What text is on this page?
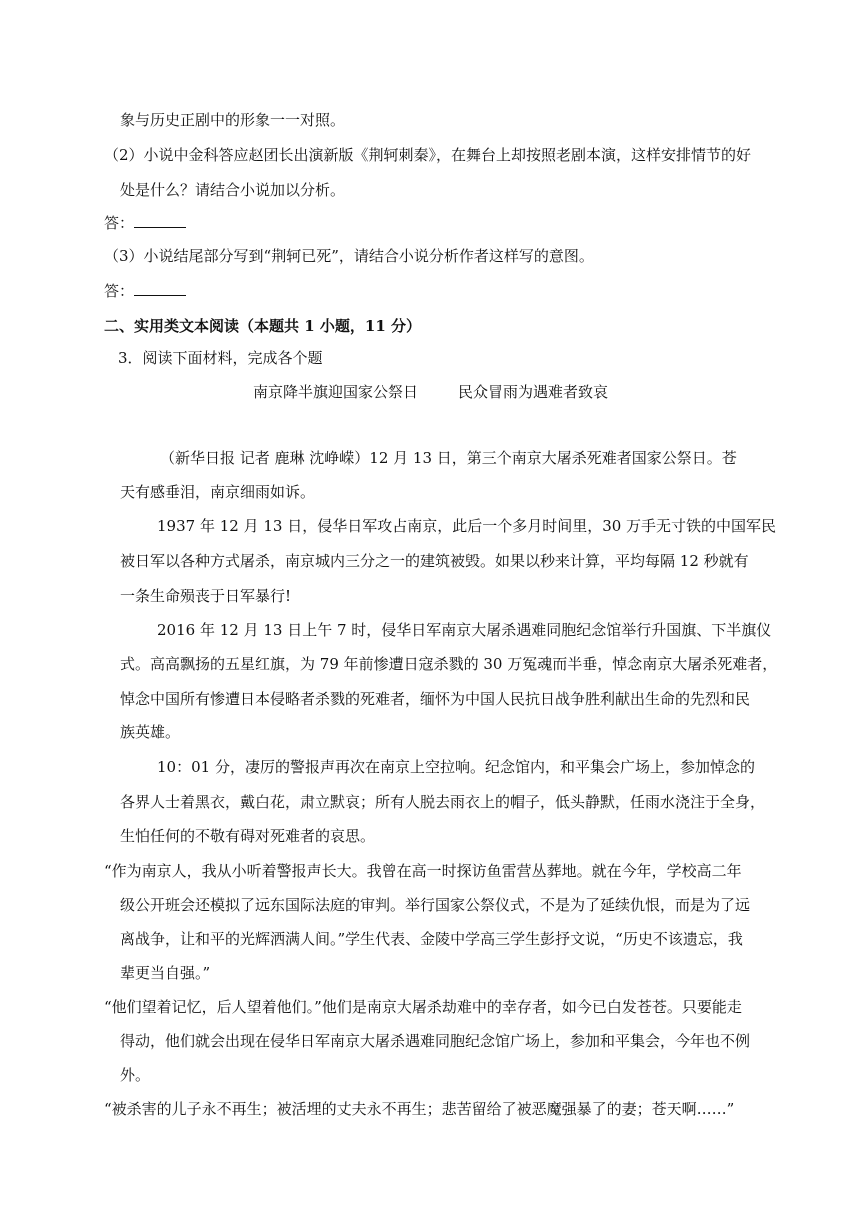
象与历史正剧中的形象一一对照。
（2）小说中金科答应赵团长出演新版《荆轲刺秦》，在舞台上却按照老剧本演，这样安排情节的好
处是什么？请结合小说加以分析。
答：
（3）小说结尾部分写到“荆轲已死”，请结合小说分析作者这样写的意图。
答：
二、实用类文本阅读（本题共 1 小题，11 分）
3．阅读下面材料，完成各个题
南京降半旗迎国家公祭日	民众冒雨为遇难者致哀
（新华日报 记者 鹿琳 沈峥嵘）12 月 13 日，第三个南京大屠杀死难者国家公祭日。苍
天有感垂泪，南京细雨如诉。
1937 年 12 月 13 日，侵华日军攻占南京，此后一个多月时间里，30 万手无寸铁的中国军民
被日军以各种方式屠杀，南京城内三分之一的建筑被毁。如果以秒来计算，平均每隔 12 秒就有
一条生命殒丧于日军暴行!
2016 年 12 月 13 日上午 7 时，侵华日军南京大屠杀遇难同胞纪念馆举行升国旗、下半旗仪
式。高高飘扬的五星红旗，为 79 年前惨遭日寇杀戮的 30 万冤魂而半垂，悼念南京大屠杀死难者，
悼念中国所有惨遭日本侵略者杀戮的死难者，缅怀为中国人民抗日战争胜利献出生命的先烈和民
族英雄。
10：01 分，凄厉的警报声再次在南京上空拉响。纪念馆内，和平集会广场上，参加悼念的
各界人士着黑衣，戴白花，肃立默哀；所有人脱去雨衣上的帽子，低头静默，任雨水浇注于全身，
生怕任何的不敬有碍对死难者的哀思。
“作为南京人，我从小听着警报声长大。我曾在高一时探访鱼雷营丛葬地。就在今年，学校高二年
级公开班会还模拟了远东国际法庭的审判。举行国家公祭仪式，不是为了延续仇恨，而是为了远
离战争，让和平的光辉洒满人间。”学生代表、金陵中学高三学生彭抒文说，“历史不该遗忘，我
辈更当自强。”
“他们望着记忆，后人望着他们。”他们是南京大屠杀劫难中的幸存者，如今已白发苍苍。只要能走
得动，他们就会出现在侵华日军南京大屠杀遇难同胞纪念馆广场上，参加和平集会，今年也不例
外。
“被杀害的儿子永不再生；被活埋的丈夫永不再生；悲苦留给了被恶魔强暴了的妻；苍天啊……”
